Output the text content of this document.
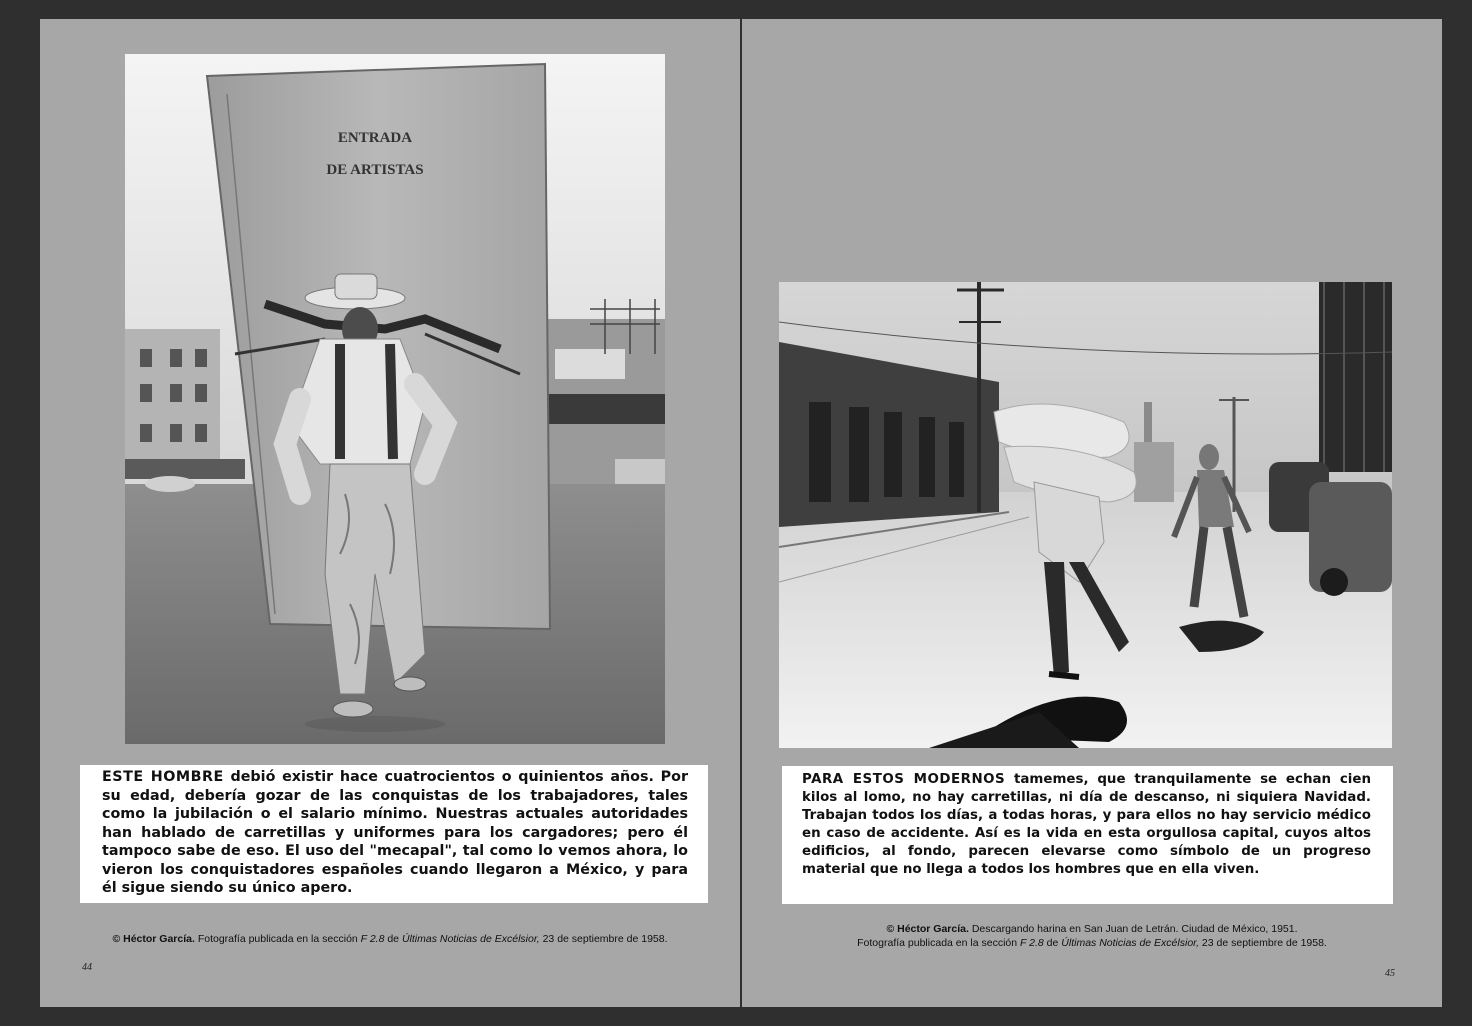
ENTRADA
DE ARTISTAS
ESTE HOMBRE debió existir hace cuatrocientos o quinientos años. Por su edad, debería gozar de las conquistas de los trabajadores, tales como la jubilación o el salario mínimo. Nuestras actuales autoridades han hablado de carretillas y uniformes para los cargadores; pero él tampoco sabe de eso. El uso del "mecapal", tal como lo vemos ahora, lo vieron los conquistadores españoles cuando llegaron a México, y para él sigue siendo su único apero.
© Héctor García. Fotografía publicada en la sección F 2.8 de Últimas Noticias de Excélsior, 23 de septiembre de 1958.
44
PARA ESTOS MODERNOS tamemes, que tranquilamente se echan cien kilos al lomo, no hay carretillas, ni día de descanso, ni siquiera Navidad. Trabajan todos los días, a todas horas, y para ellos no hay servicio médico en caso de accidente. Así es la vida en esta orgullosa capital, cuyos altos edificios, al fondo, parecen elevarse como símbolo de un progreso material que no llega a todos los hombres que en ella viven.
© Héctor García. Descargando harina en San Juan de Letrán. Ciudad de México, 1951.
Fotografía publicada en la sección F 2.8 de Últimas Noticias de Excélsior, 23 de septiembre de 1958.
45
